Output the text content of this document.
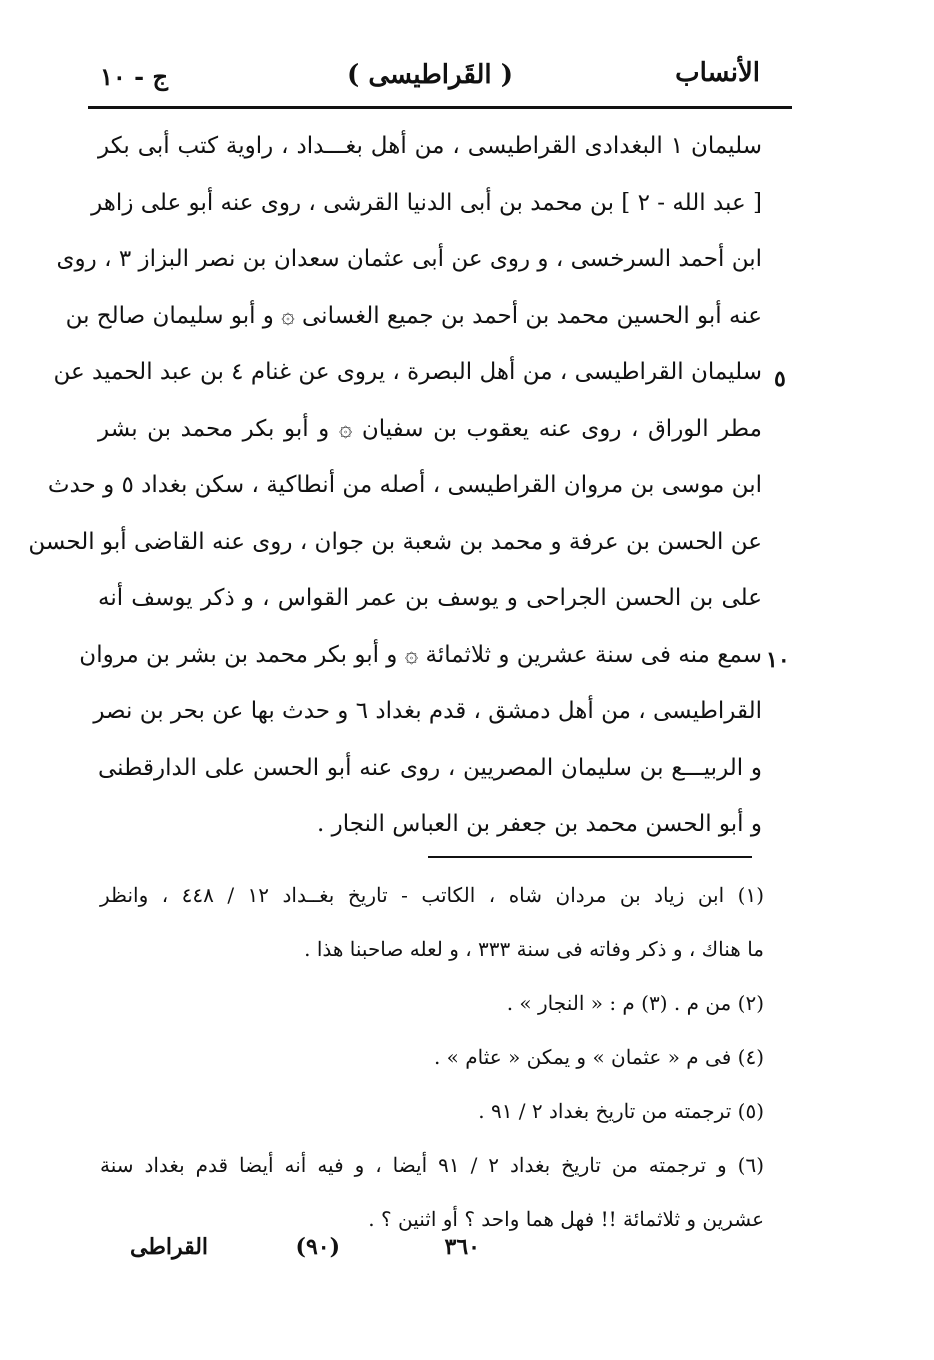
ج - ١٠	( القَراطيسى )	الأنساب
٥
١٠
سلیمان ١ البغدادی القراطیسی ، من أهل بغـــداد ، راویة كتب أبی بكر
[ عبد الله - ٢ ] بن محمد بن أبی الدنیا القرشی ، روی عنه أبو علی زاهر
ابن أحمد السرخسی ، و روی عن أبی عثمان سعدان بن نصر البزاز ٣ ، روی
عنه أبو الحسین محمد بن أحمد بن جمیع الغسانی ۞ و أبو سلیمان صالح بن
سلیمان القراطیسی ، من أهل البصرة ، یروی عن غنام ٤ بن عبد الحمید عن
مطر الوراق ، روی عنه یعقوب بن سفیان ۞ و أبو بكر محمد بن بشر
ابن موسی بن مروان القراطیسی ، أصله من أنطاكیة ، سكن بغداد ٥ و حدث
عن الحسن بن عرفة و محمد بن شعبة بن جوان ، روی عنه القاضی أبو الحسن
علی بن الحسن الجراحی و یوسف بن عمر القواس ، و ذكر یوسف أنه
سمع منه فی سنة عشرین و ثلاثمائة ۞ و أبو بكر محمد بن بشر بن مروان
القراطیسی ، من أهل دمشق ، قدم بغداد ٦ و حدث بها عن بحر بن نصر
و الربیـــع بن سلیمان المصریین ، روی عنه أبو الحسن علی الدارقطنی
و أبو الحسن محمد بن جعفر بن العباس النجار .
(١) ابن زیاد بن مردان شاه ، الكاتب - تاریخ بغــداد ١٢ / ٤٤٨ ، وانظر
ما هناك ، و ذكر وفاته فی سنة ٣٣٣ ، و لعله صاحبنا هذا .
(٢) من م . (٣) م : « النجار » .
(٤) فی م « عثمان » و یمكن « عثام » .
(٥) ترجمته من تاریخ بغداد ٢ / ٩١ .
(٦) و ترجمته من تاریخ بغداد ٢ / ٩١ أیضا ، و فیه أنه أیضا قدم بغداد سنة
عشرین و ثلاثمائة !! فهل هما واحد ؟ أو اثنین ؟ .
٣٦٠
(٩٠)
القراطی
